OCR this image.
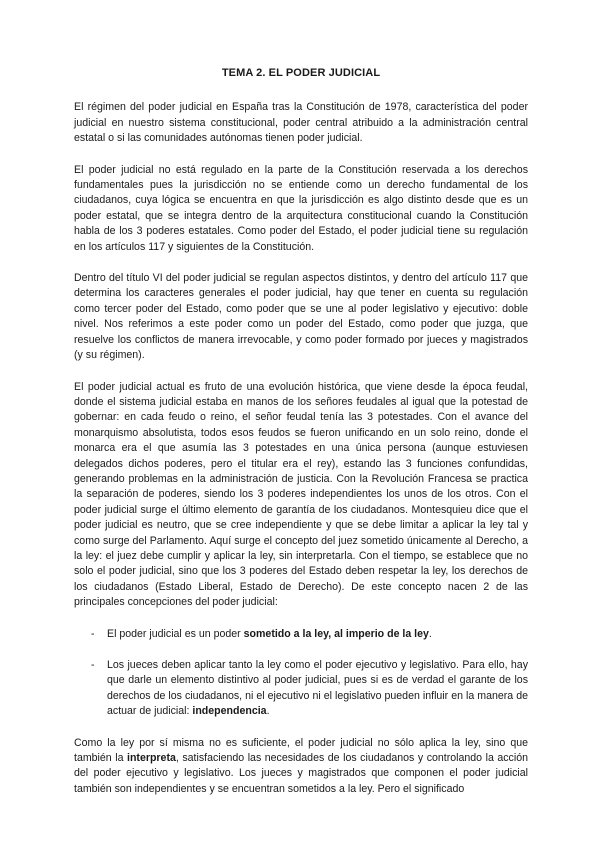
TEMA 2. EL PODER JUDICIAL

El régimen del poder judicial en España tras la Constitución de 1978, característica del poder judicial en nuestro sistema constitucional, poder central atribuido a la administración central estatal o si las comunidades autónomas tienen poder judicial.

El poder judicial no está regulado en la parte de la Constitución reservada a los derechos fundamentales pues la jurisdicción no se entiende como un derecho fundamental de los ciudadanos, cuya lógica se encuentra en que la jurisdicción es algo distinto desde que es un poder estatal, que se integra dentro de la arquitectura constitucional cuando la Constitución habla de los 3 poderes estatales. Como poder del Estado, el poder judicial tiene su regulación en los artículos 117 y siguientes de la Constitución.

Dentro del título VI del poder judicial se regulan aspectos distintos, y dentro del artículo 117 que determina los caracteres generales el poder judicial, hay que tener en cuenta su regulación como tercer poder del Estado, como poder que se une al poder legislativo y ejecutivo: doble nivel. Nos referimos a este poder como un poder del Estado, como poder que juzga, que resuelve los conflictos de manera irrevocable, y como poder formado por jueces y magistrados (y su régimen).

El poder judicial actual es fruto de una evolución histórica, que viene desde la época feudal, donde el sistema judicial estaba en manos de los señores feudales al igual que la potestad de gobernar: en cada feudo o reino, el señor feudal tenía las 3 potestades. Con el avance del monarquismo absolutista, todos esos feudos se fueron unificando en un solo reino, donde el monarca era el que asumía las 3 potestades en una única persona (aunque estuviesen delegados dichos poderes, pero el titular era el rey), estando las 3 funciones confundidas, generando problemas en la administración de justicia. Con la Revolución Francesa se practica la separación de poderes, siendo los 3 poderes independientes los unos de los otros. Con el poder judicial surge el último elemento de garantía de los ciudadanos. Montesquieu dice que el poder judicial es neutro, que se cree independiente y que se debe limitar a aplicar la ley tal y como surge del Parlamento. Aquí surge el concepto del juez sometido únicamente al Derecho, a la ley: el juez debe cumplir y aplicar la ley, sin interpretarla. Con el tiempo, se establece que no solo el poder judicial, sino que los 3 poderes del Estado deben respetar la ley, los derechos de los ciudadanos (Estado Liberal, Estado de Derecho). De este concepto nacen 2 de las principales concepciones del poder judicial:

- El poder judicial es un poder sometido a la ley, al imperio de la ley.
- Los jueces deben aplicar tanto la ley como el poder ejecutivo y legislativo. Para ello, hay que darle un elemento distintivo al poder judicial, pues si es de verdad el garante de los derechos de los ciudadanos, ni el ejecutivo ni el legislativo pueden influir en la manera de actuar de judicial: independencia.

Como la ley por sí misma no es suficiente, el poder judicial no sólo aplica la ley, sino que también la interpreta, satisfaciendo las necesidades de los ciudadanos y controlando la acción del poder ejecutivo y legislativo. Los jueces y magistrados que componen el poder judicial también son independientes y se encuentran sometidos a la ley. Pero el significado
